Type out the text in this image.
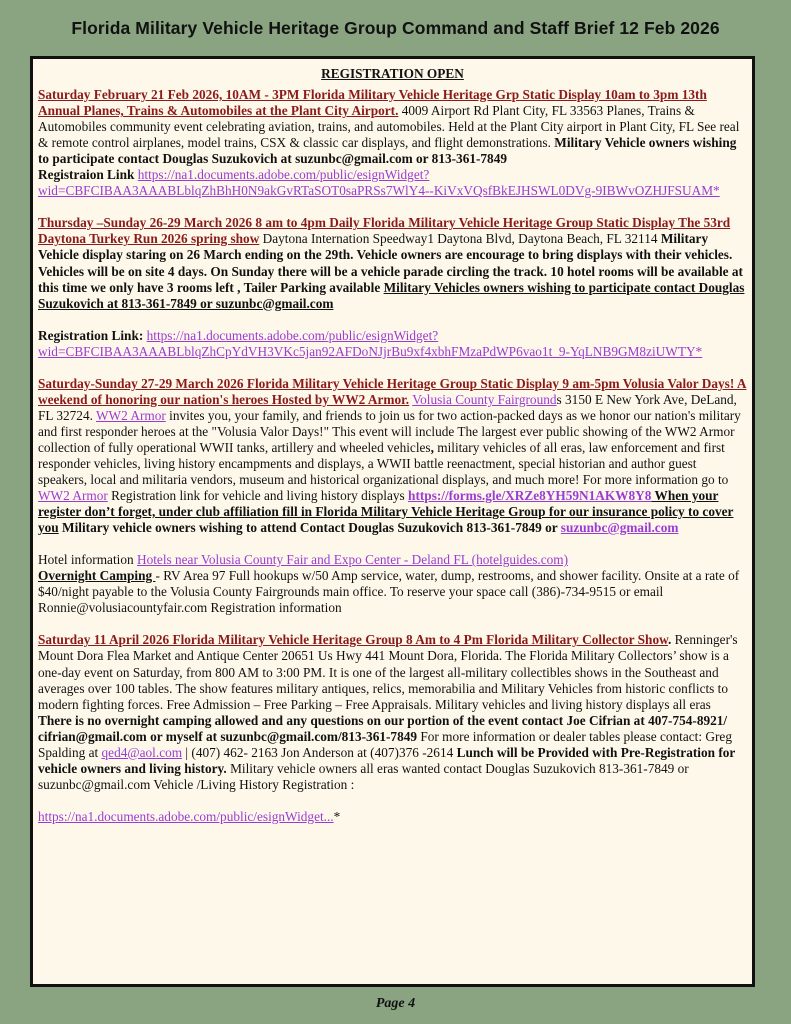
Florida Military Vehicle Heritage Group Command and Staff Brief 12 Feb 2026

REGISTRATION OPEN

Saturday February 21 Feb 2026, 10AM - 3PM Florida Military Vehicle Heritage Grp Static Display 10am to 3pm 13th Annual Planes, Trains & Automobiles at the Plant City Airport. 4009 Airport Rd Plant City, FL 33563 Planes, Trains & Automobiles community event celebrating aviation, trains, and automobiles. Held at the Plant City airport in Plant City, FL See real & remote control airplanes, model trains, CSX & classic car displays, and flight demonstrations. Military Vehicle owners wishing to participate contact Douglas Suzukovich at suzunbc@gmail.com or 813-361-7849

Registraion Link https://na1.documents.adobe.com/public/esignWidget?wid=CBFCIBAA3AAABLblqZhBhH0N9akGvRTaSOT0saPRSs7WlY4--KiVxVQsfBkEJHSWL0DVg-9IBWvOZHJFSUAM*

Thursday –Sunday 26-29 March 2026 8 am to 4pm Daily Florida Military Vehicle Heritage Group Static Display The 53rd Daytona Turkey Run 2026 spring show Daytona Internation Speedway1 Daytona Blvd, Daytona Beach, FL 32114 Military Vehicle display staring on 26 March ending on the 29th. Vehicle owners are encourage to bring displays with their vehicles. Vehicles will be on site 4 days. On Sunday there will be a vehicle parade circling the track. 10 hotel rooms will be available at this time we only have 3 rooms left , Tailer Parking available Military Vehicles owners wishing to participate contact Douglas Suzukovich at 813-361-7849 or suzunbc@gmail.com

Registration Link: https://na1.documents.adobe.com/public/esignWidget?wid=CBFCIBAA3AAABLblqZhCpYdVH3VKc5jan92AFDoNJjrBu9xf4xbhFMzaPdWP6vao1t_9-YqLNB9GM8ziUWTY*

Saturday-Sunday 27-29 March 2026 Florida Military Vehicle Heritage Group Static Display 9 am-5pm Volusia Valor Days! A weekend of honoring our nation's heroes Hosted by WW2 Armor. Volusia County Fairgrounds 3150 E New York Ave, DeLand, FL 32724. WW2 Armor invites you, your family, and friends to join us for two action-packed days as we honor our nation's military and first responder heroes at the "Volusia Valor Days!" This event will include The largest ever public showing of the WW2 Armor collection of fully operational WWII tanks, artillery and wheeled vehicles, military vehicles of all eras, law enforcement and first responder vehicles, living history encampments and displays, a WWII battle reenactment, special historian and author guest speakers, local and militaria vendors, museum and historical organizational displays, and much more! For more information go to WW2 Armor Registration link for vehicle and living history displays https://forms.gle/XRZe8YH59N1AKW8Y8 When your register don’t forget, under club affiliation fill in Florida Military Vehicle Heritage Group for our insurance policy to cover you Military vehicle owners wishing to attend Contact Douglas Suzukovich 813-361-7849 or suzunbc@gmail.com

Hotel information Hotels near Volusia County Fair and Expo Center - Deland FL (hotelguides.com)

Overnight Camping - RV Area 97 Full hookups w/50 Amp service, water, dump, restrooms, and shower facility. Onsite at a rate of $40/night payable to the Volusia County Fairgrounds main office. To reserve your space call (386)-734-9515 or email Ronnie@volusiacountyfair.com Registration information

Saturday 11 April 2026 Florida Military Vehicle Heritage Group 8 Am to 4 Pm Florida Military Collector Show. Renninger's Mount Dora Flea Market and Antique Center 20651 Us Hwy 441 Mount Dora, Florida. The Florida Military Collectors’ show is a one-day event on Saturday, from 800 AM to 3:00 PM. It is one of the largest all-military collectibles shows in the Southeast and averages over 100 tables. The show features military antiques, relics, memorabilia and Military Vehicles from historic conflicts to modern fighting forces. Free Admission – Free Parking – Free Appraisals. Military vehicles and living history displays all eras There is no overnight camping allowed and any questions on our portion of the event contact Joe Cifrian at 407-754-8921/ cifrian@gmail.com or myself at suzunbc@gmail.com/813-361-7849 For more information or dealer tables please contact: Greg Spalding at qed4@aol.com | (407) 462- 2163 Jon Anderson at (407)376 -2614 Lunch will be Provided with Pre-Registration for vehicle owners and living history. Military vehicle owners all eras wanted contact Douglas Suzukovich 813-361-7849 or suzunbc@gmail.com Vehicle /Living History Registration :

https://na1.documents.adobe.com/public/esignWidget...*

Page 4
